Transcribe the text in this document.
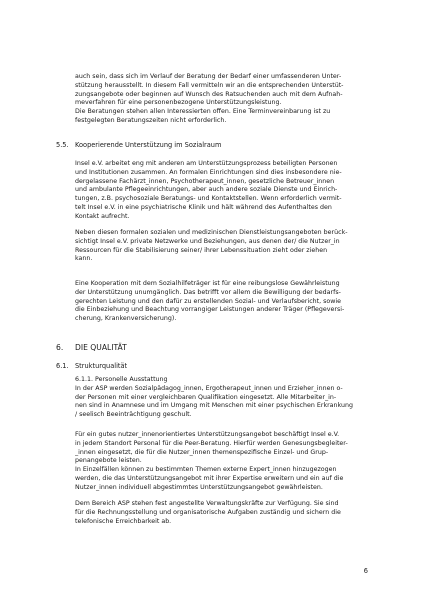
auch sein, dass sich im Verlauf der Beratung der Bedarf einer umfassenderen Unter-
stützung herausstellt. In diesem Fall vermitteln wir an die entsprechenden Unterstüt-
zungsangebote oder beginnen auf Wunsch des Ratsuchenden auch mit dem Aufnah-
meverfahren für eine personenbezogene Unterstützungsleistung.
Die Beratungen stehen allen Interessierten offen. Eine Terminvereinbarung ist zu
festgelegten Beratungszeiten nicht erforderlich.
5.5. Kooperierende Unterstützung im Sozialraum
Insel e.V. arbeitet eng mit anderen am Unterstützungsprozess beteiligten Personen
und Institutionen zusammen. An formalen Einrichtungen sind dies insbesondere nie-
dergelassene Fachärzt_innen, Psychotherapeut_innen, gesetzliche Betreuer_innen
und ambulante Pflegeeinrichtungen, aber auch andere soziale Dienste und Einrich-
tungen, z.B. psychosoziale Beratungs- und Kontaktstellen. Wenn erforderlich vermit-
telt Insel e.V. in eine psychiatrische Klinik und hält während des Aufenthaltes den
Kontakt aufrecht.
Neben diesen formalen sozialen und medizinischen Dienstleistungsangeboten berück-
sichtigt Insel e.V. private Netzwerke und Beziehungen, aus denen der/ die Nutzer_in
Ressourcen für die Stabilisierung seiner/ ihrer Lebenssituation zieht oder ziehen
kann.
Eine Kooperation mit dem Sozialhilfeträger ist für eine reibungslose Gewährleistung
der Unterstützung unumgänglich. Das betrifft vor allem die Bewilligung der bedarfs-
gerechten Leistung und den dafür zu erstellenden Sozial- und Verlaufsbericht, sowie
die Einbeziehung und Beachtung vorrangiger Leistungen anderer Träger (Pflegeversi-
cherung, Krankenversicherung).
6. DIE QUALITÄT
6.1. Strukturqualität
6.1.1. Personelle Ausstattung
In der ASP werden Sozialpädagog_innen, Ergotherapeut_innen und Erzieher_innen o-
der Personen mit einer vergleichbaren Qualifikation eingesetzt. Alle Mitarbeiter_in-
nen sind in Anamnese und im Umgang mit Menschen mit einer psychischen Erkrankung
/ seelisch Beeinträchtigung geschult.
Für ein gutes nutzer_innenorientiertes Unterstützungsangebot beschäftigt Insel e.V.
in jedem Standort Personal für die Peer-Beratung. Hierfür werden Genesungsbegleiter-
_innen eingesetzt, die für die Nutzer_innen themenspezifische Einzel- und Grup-
penangebote leisten.
In Einzelfällen können zu bestimmten Themen externe Expert_innen hinzugezogen
werden, die das Unterstützungsangebot mit ihrer Expertise erweitern und ein auf die
Nutzer_innen individuell abgestimmtes Unterstützungsangebot gewährleisten.
Dem Bereich ASP stehen fest angestellte Verwaltungskräfte zur Verfügung. Sie sind
für die Rechnungsstellung und organisatorische Aufgaben zuständig und sichern die
telefonische Erreichbarkeit ab.
6
